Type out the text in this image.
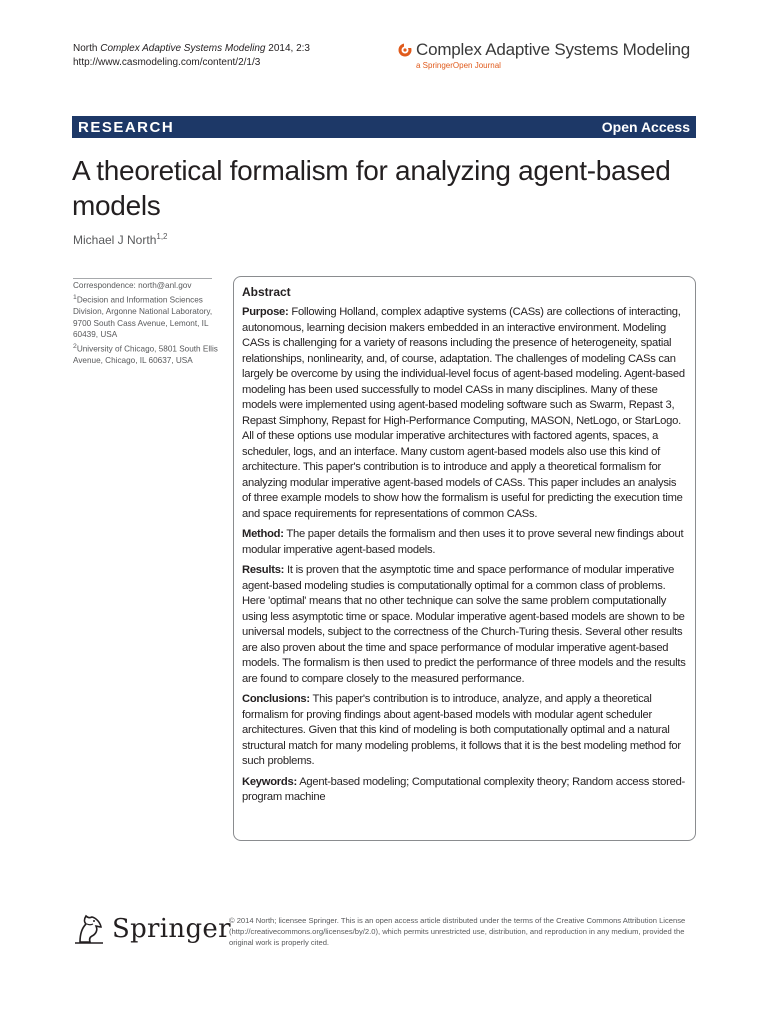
North Complex Adaptive Systems Modeling 2014, 2:3
http://www.casmodeling.com/content/2/1/3
Complex Adaptive Systems Modeling
a SpringerOpen Journal
RESEARCH	Open Access
A theoretical formalism for analyzing agent-based models
Michael J North$^{1,2}$
Correspondence: north@anl.gov
$^1$Decision and Information Sciences Division, Argonne National Laboratory, 9700 South Cass Avenue, Lemont, IL 60439, USA
$^2$University of Chicago, 5801 South Ellis Avenue, Chicago, IL 60637, USA
Abstract

Purpose: Following Holland, complex adaptive systems (CASs) are collections of interacting, autonomous, learning decision makers embedded in an interactive environment. Modeling CASs is challenging for a variety of reasons including the presence of heterogeneity, spatial relationships, nonlinearity, and, of course, adaptation. The challenges of modeling CASs can largely be overcome by using the individual-level focus of agent-based modeling. Agent-based modeling has been used successfully to model CASs in many disciplines. Many of these models were implemented using agent-based modeling software such as Swarm, Repast 3, Repast Simphony, Repast for High-Performance Computing, MASON, NetLogo, or StarLogo. All of these options use modular imperative architectures with factored agents, spaces, a scheduler, logs, and an interface. Many custom agent-based models also use this kind of architecture. This paper's contribution is to introduce and apply a theoretical formalism for analyzing modular imperative agent-based models of CASs. This paper includes an analysis of three example models to show how the formalism is useful for predicting the execution time and space requirements for representations of common CASs.

Method: The paper details the formalism and then uses it to prove several new findings about modular imperative agent-based models.

Results: It is proven that the asymptotic time and space performance of modular imperative agent-based modeling studies is computationally optimal for a common class of problems. Here 'optimal' means that no other technique can solve the same problem computationally using less asymptotic time or space. Modular imperative agent-based models are shown to be universal models, subject to the correctness of the Church-Turing thesis. Several other results are also proven about the time and space performance of modular imperative agent-based models. The formalism is then used to predict the performance of three models and the results are found to compare closely to the measured performance.

Conclusions: This paper's contribution is to introduce, analyze, and apply a theoretical formalism for proving findings about agent-based models with modular agent scheduler architectures. Given that this kind of modeling is both computationally optimal and a natural structural match for many modeling problems, it follows that it is the best modeling method for such problems.

Keywords: Agent-based modeling; Computational complexity theory; Random access stored-program machine

Springer
© 2014 North; licensee Springer. This is an open access article distributed under the terms of the Creative Commons Attribution License (http://creativecommons.org/licenses/by/2.0), which permits unrestricted use, distribution, and reproduction in any medium, provided the original work is properly cited.
